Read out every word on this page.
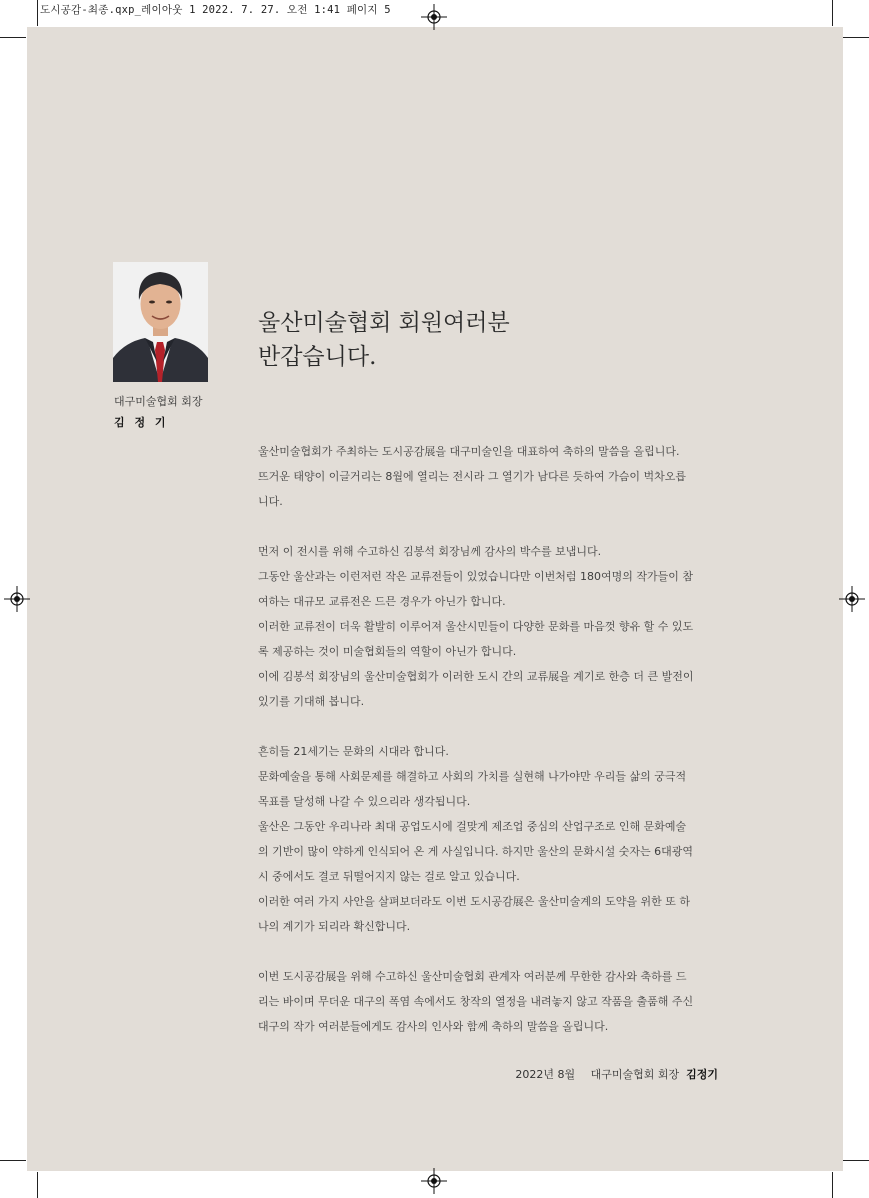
도시공감-최종.qxp_레이아웃 1 2022. 7. 27. 오전 1:41 페이지 5
대구미술협회 회장
김 정 기
울산미술협회 회원여러분
반갑습니다.
울산미술협회가 주최하는 도시공감展을 대구미술인을 대표하여 축하의 말씀을 올립니다.
뜨거운 태양이 이글거리는 8월에 열리는 전시라 그 열기가 남다른 듯하여 가슴이 벅차오릅
니다.
먼저 이 전시를 위해 수고하신 김봉석 회장님께 감사의 박수를 보냅니다.
그동안 울산과는 이런저런 작은 교류전들이 있었습니다만 이번처럼 180여명의 작가들이 참
여하는 대규모 교류전은 드믄 경우가 아닌가 합니다.
이러한 교류전이 더욱 활발히 이루어져 울산시민들이 다양한 문화를 마음껏 향유 할 수 있도
록 제공하는 것이 미술협회들의 역할이 아닌가 합니다.
이에 김봉석 회장님의 울산미술협회가 이러한 도시 간의 교류展을 계기로 한층 더 큰 발전이
있기를 기대해 봅니다.
흔히들 21세기는 문화의 시대라 합니다.
문화예술을 통해 사회문제를 해결하고 사회의 가치를 실현해 나가야만 우리들 삶의 궁극적
목표를 달성해 나갈 수 있으리라 생각됩니다.
울산은 그동안 우리나라 최대 공업도시에 걸맞게 제조업 중심의 산업구조로 인해 문화예술
의 기반이 많이 약하게 인식되어 온 게 사실입니다. 하지만 울산의 문화시설 숫자는 6대광역
시 중에서도 결코 뒤떨어지지 않는 걸로 알고 있습니다.
이러한 여러 가지 사안을 살펴보더라도 이번 도시공감展은 울산미술계의 도약을 위한 또 하
나의 계기가 되리라 확신합니다.
이번 도시공감展을 위해 수고하신 울산미술협회 관계자 여러분께 무한한 감사와 축하를 드
리는 바이며 무더운 대구의 폭염 속에서도 창작의 열정을 내려놓지 않고 작품을 출품해 주신
대구의 작가 여러분들에게도 감사의 인사와 함께 축하의 말씀을 올립니다.
2022년 8월 대구미술협회 회장 김정기
